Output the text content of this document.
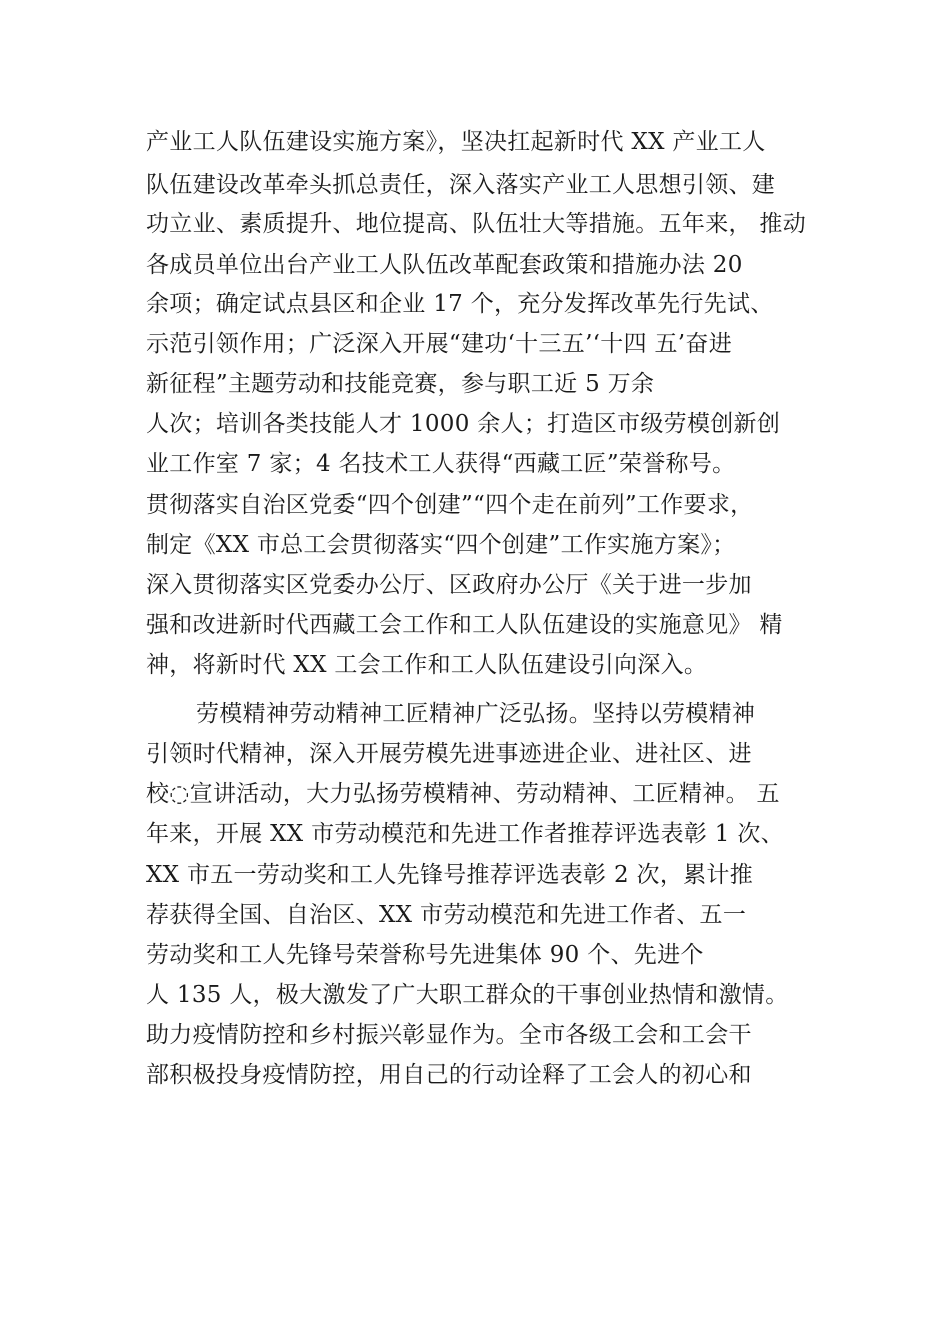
产业工人队伍建设实施方案》，坚决扛起新时代 XX 产业工人
队伍建设改革牵头抓总责任，深入落实产业工人思想引领、建
功立业、素质提升、地位提高、队伍壮大等措施。五年来， 推动
各成员单位出台产业工人队伍改革配套政策和措施办法 20
余项；确定试点县区和企业 17 个，充分发挥改革先行先试、
示范引领作用；广泛深入开展“建功‘十三五’‘十四 五’奋进
新征程”主题劳动和技能竞赛，参与职工近 5 万余
人次；培训各类技能人才 1000 余人；打造区市级劳模创新创
业工作室 7 家；4 名技术工人获得“西藏工匠”荣誉称号。
贯彻落实自治区党委“四个创建”“四个走在前列”工作要求，
制定《XX 市总工会贯彻落实“四个创建”工作实施方案》；
深入贯彻落实区党委办公厅、区政府办公厅《关于进一步加
强和改进新时代西藏工会工作和工人队伍建设的实施意见》 精
神，将新时代 XX 工会工作和工人队伍建设引向深入。
劳模精神劳动精神工匠精神广泛弘扬。坚持以劳模精神
引领时代精神，深入开展劳模先进事迹进企业、进社区、进
校◌宣讲活动，大力弘扬劳模精神、劳动精神、工匠精神。 五
年来，开展 XX 市劳动模范和先进工作者推荐评选表彰 1 次、
XX 市五一劳动奖和工人先锋号推荐评选表彰 2 次，累计推
荐获得全国、自治区、XX 市劳动模范和先进工作者、五一
劳动奖和工人先锋号荣誉称号先进集体 90 个、先进个
人 135 人，极大激发了广大职工群众的干事创业热情和激情。
助力疫情防控和乡村振兴彰显作为。全市各级工会和工会干
部积极投身疫情防控，用自己的行动诠释了工会人的初心和
